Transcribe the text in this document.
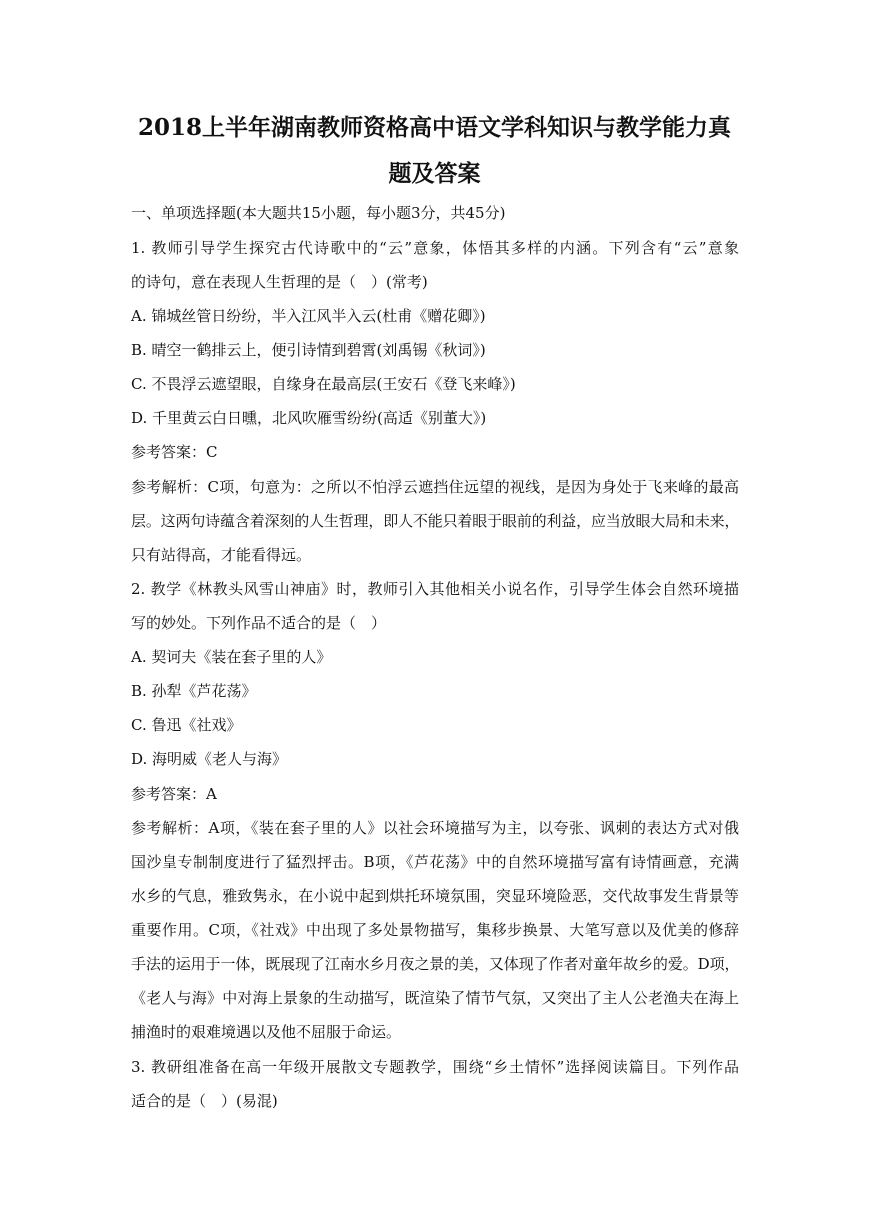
2018上半年湖南教师资格高中语文学科知识与教学能力真
题及答案
一、单项选择题(本大题共15小题，每小题3分，共45分)
1. 教师引导学生探究古代诗歌中的“云”意象，体悟其多样的内涵。下列含有“云”意象
的诗句，意在表现人生哲理的是（　）(常考)
A. 锦城丝管日纷纷，半入江风半入云(杜甫《赠花卿》)
B. 晴空一鹤排云上，便引诗情到碧霄(刘禹锡《秋词》)
C. 不畏浮云遮望眼，自缘身在最高层(王安石《登飞来峰》)
D. 千里黄云白日曛，北风吹雁雪纷纷(高适《别董大》)
参考答案：C
参考解析：C项，句意为：之所以不怕浮云遮挡住远望的视线，是因为身处于飞来峰的最高
层。这两句诗蕴含着深刻的人生哲理，即人不能只着眼于眼前的利益，应当放眼大局和未来，
只有站得高，才能看得远。
2. 教学《林教头风雪山神庙》时，教师引入其他相关小说名作，引导学生体会自然环境描
写的妙处。下列作品不适合的是（　）
A. 契诃夫《装在套子里的人》
B. 孙犁《芦花荡》
C. 鲁迅《社戏》
D. 海明威《老人与海》
参考答案：A
参考解析：A项，《装在套子里的人》以社会环境描写为主，以夸张、讽刺的表达方式对俄
国沙皇专制制度进行了猛烈抨击。B项，《芦花荡》中的自然环境描写富有诗情画意，充满
水乡的气息，雅致隽永，在小说中起到烘托环境氛围，突显环境险恶，交代故事发生背景等
重要作用。C项，《社戏》中出现了多处景物描写，集移步换景、大笔写意以及优美的修辞
手法的运用于一体，既展现了江南水乡月夜之景的美，又体现了作者对童年故乡的爱。D项，
《老人与海》中对海上景象的生动描写，既渲染了情节气氛，又突出了主人公老渔夫在海上
捕渔时的艰难境遇以及他不屈服于命运。
3. 教研组准备在高一年级开展散文专题教学，围绕“乡土情怀”选择阅读篇目。下列作品
适合的是（　）(易混)
